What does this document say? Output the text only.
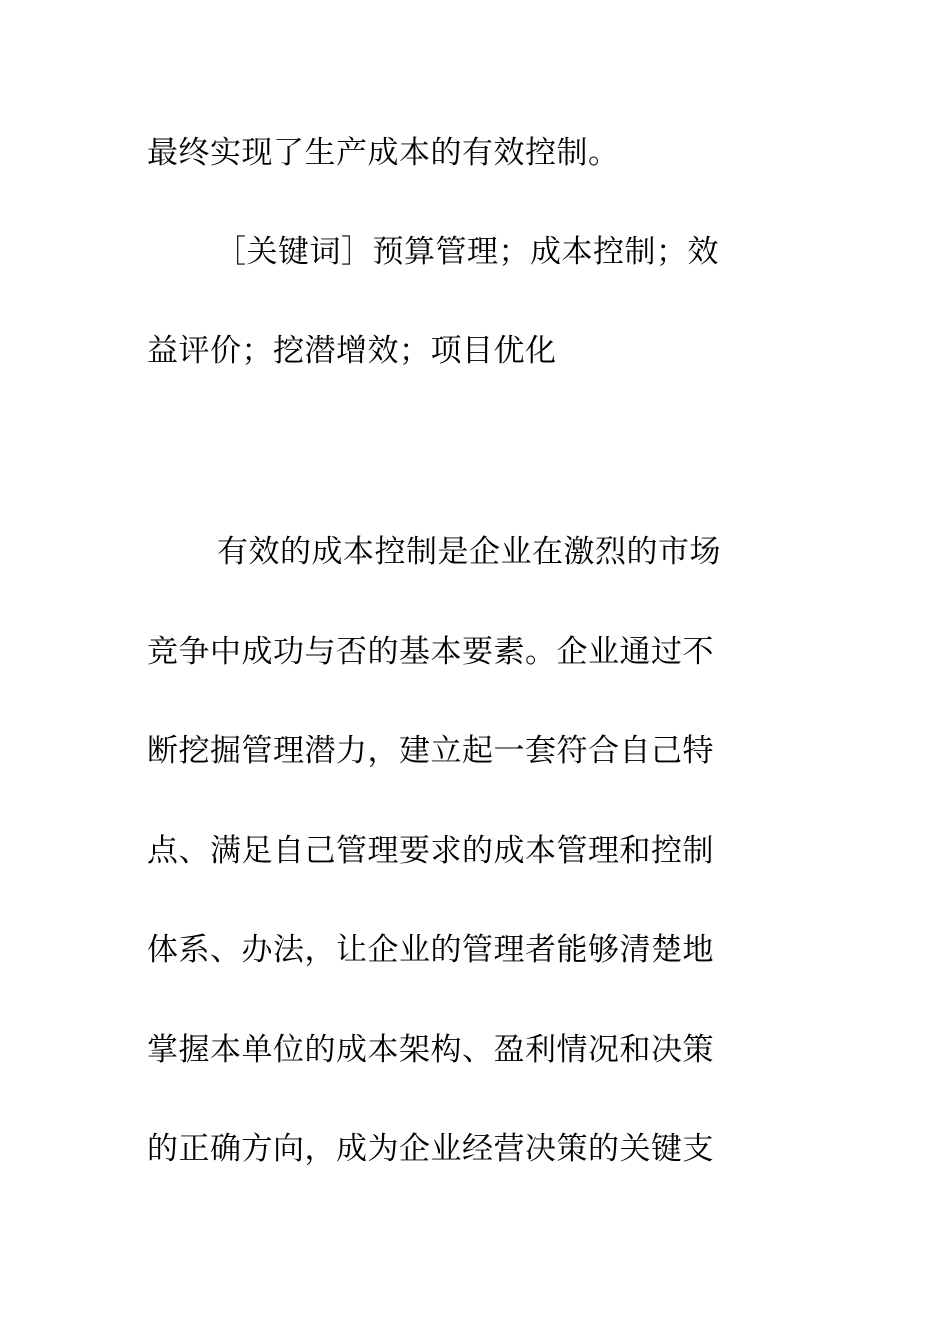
最终实现了生产成本的有效控制。
［关键词］预算管理；成本控制；效
益评价；挖潜增效；项目优化
有效的成本控制是企业在激烈的市场
竞争中成功与否的基本要素。企业通过不
断挖掘管理潜力，建立起一套符合自己特
点、满足自己管理要求的成本管理和控制
体系、办法，让企业的管理者能够清楚地
掌握本单位的成本架构、盈利情况和决策
的正确方向，成为企业经营决策的关键支
